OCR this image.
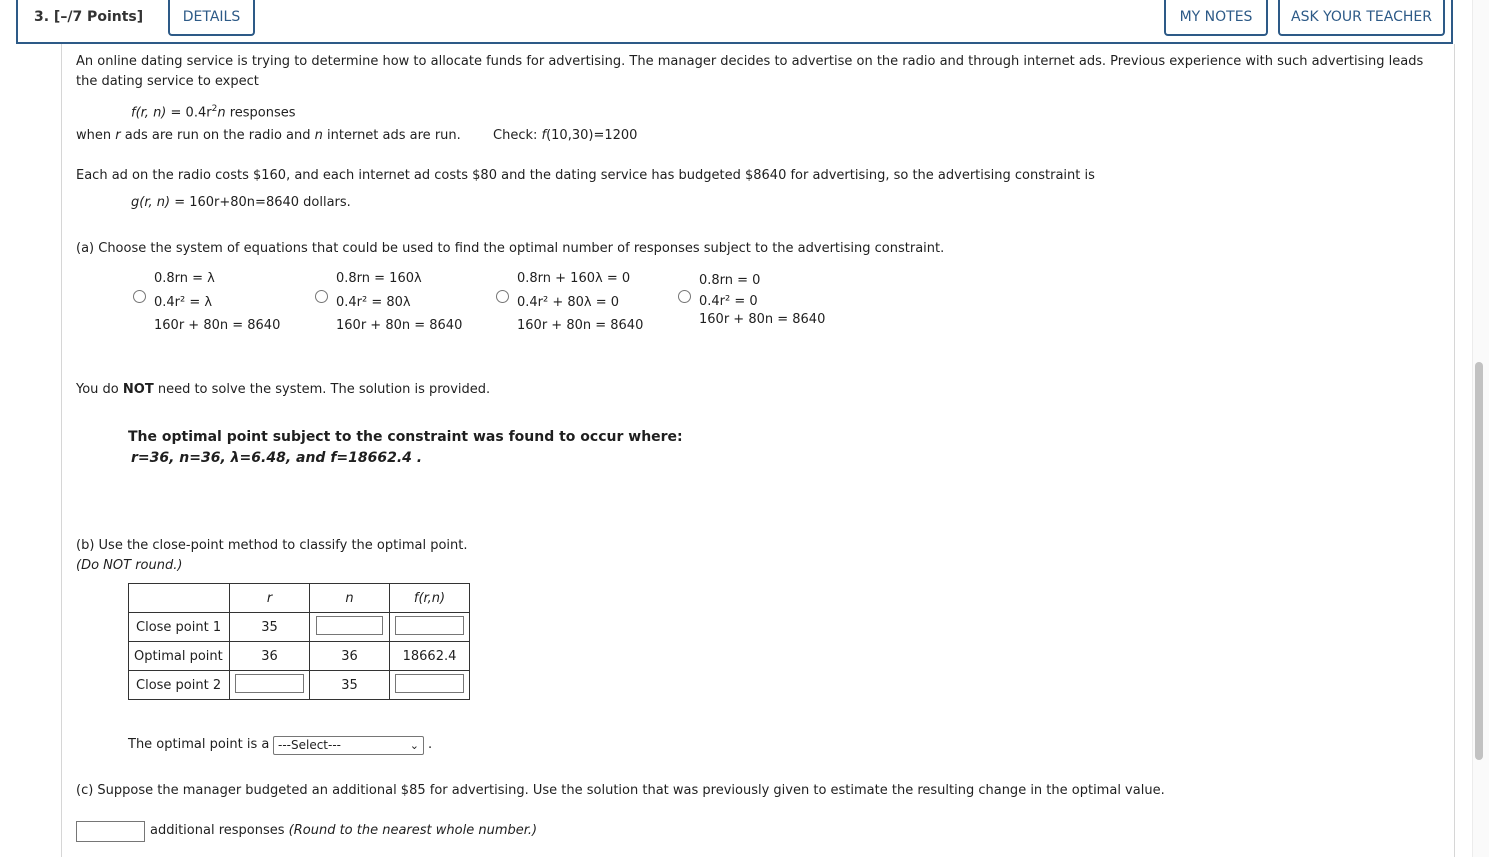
3. [–/7 Points]	DETAILS	MY NOTES	ASK YOUR TEACHER
An online dating service is trying to determine how to allocate funds for advertising. The manager decides to advertise on the radio and through internet ads. Previous experience with such advertising leads
the dating service to expect
f(r, $n) = 0.4r^2n$ responses
when r ads are run on the radio and n internet ads are run. Check: f(10,30)=1200
Each ad on the radio costs $160, and each internet ad costs $80 and the dating service has budgeted $8640 for advertising, so the advertising constraint is
g(r, n) = 160r+80n=8640 dollars.
(a) Choose the system of equations that could be used to find the optimal number of responses subject to the advertising constraint.
0.8rn = λ
0.4r² = λ
160r + 80n = 8640
0.8rn = 160λ
0.4r² = 80λ
160r + 80n = 8640
0.8rn + 160λ = 0
0.4r² + 80λ = 0
160r + 80n = 8640
0.8rn = 0
0.4r² = 0
160r + 80n = 8640
You do NOT need to solve the system. The solution is provided.
The optimal point subject to the constraint was found to occur where:
r=36, n=36, λ=6.48, and f=18662.4 .
(b) Use the close-point method to classify the optimal point.
(Do NOT round.)
	r	n	f(r,n)
Close point 1	35		
Optimal point	36	36	18662.4
Close point 2		35	
The optimal point is a ---Select---	⌄ .
(c) Suppose the manager budgeted an additional $85 for advertising. Use the solution that was previously given to estimate the resulting change in the optimal value.
additional responses (Round to the nearest whole number.)
